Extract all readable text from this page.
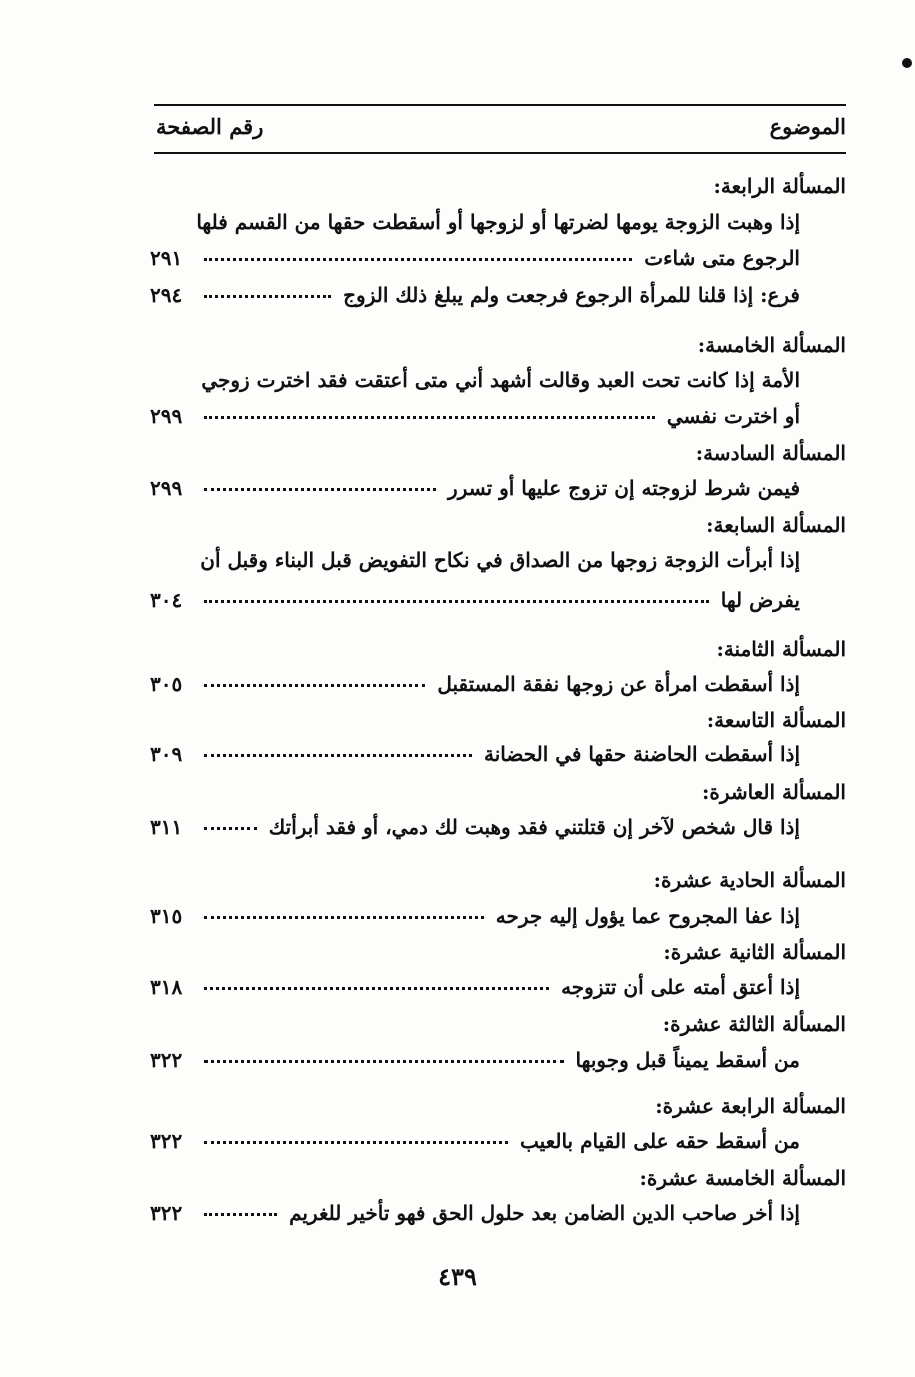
الموضوع
رقم الصفحة
المسألة الرابعة:
إذا وهبت الزوجة يومها لضرتها أو لزوجها أو أسقطت حقها من القسم فلها
الرجوع متى شاءت
٢٩١
فرع: إذا قلنا للمرأة الرجوع فرجعت ولم يبلغ ذلك الزوج
٢٩٤
المسألة الخامسة:
الأمة إذا كانت تحت العبد وقالت أشهد أني متى أعتقت فقد اخترت زوجي
أو اخترت نفسي
٢٩٩
المسألة السادسة:
فيمن شرط لزوجته إن تزوج عليها أو تسرر
٢٩٩
المسألة السابعة:
إذا أبرأت الزوجة زوجها من الصداق في نكاح التفويض قبل البناء وقبل أن
يفرض لها
٣٠٤
المسألة الثامنة:
إذا أسقطت امرأة عن زوجها نفقة المستقبل
٣٠٥
المسألة التاسعة:
إذا أسقطت الحاضنة حقها في الحضانة
٣٠٩
المسألة العاشرة:
إذا قال شخص لآخر إن قتلتني فقد وهبت لك دمي، أو فقد أبرأتك
٣١١
المسألة الحادية عشرة:
إذا عفا المجروح عما يؤول إليه جرحه
٣١٥
المسألة الثانية عشرة:
إذا أعتق أمته على أن تتزوجه
٣١٨
المسألة الثالثة عشرة:
من أسقط يميناً قبل وجوبها
٣٢٢
المسألة الرابعة عشرة:
من أسقط حقه على القيام بالعيب
٣٢٢
المسألة الخامسة عشرة:
إذا أخر صاحب الدين الضامن بعد حلول الحق فهو تأخير للغريم
٣٢٢
٤٣٩
